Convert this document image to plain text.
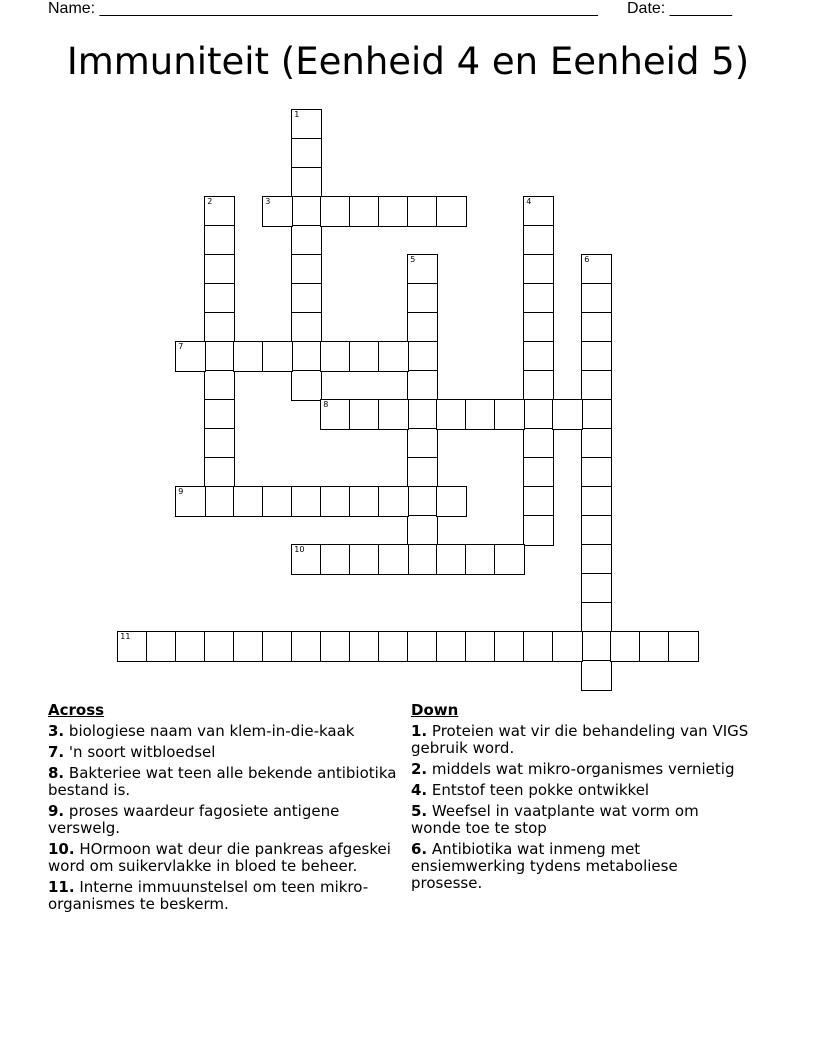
Name: ________________________________________________________ Date: _______
Immuniteit (Eenheid 4 en Eenheid 5)
1
2	3	4
5	6
7
8
9
10
11
Across
3. biologiese naam van klem-in-die-kaak
7. 'n soort witbloedsel
8. Bakteriee wat teen alle bekende antibiotika bestand is.
9. proses waardeur fagosiete antigene verswelg.
10. HOrmoon wat deur die pankreas afgeskei word om suikervlakke in bloed te beheer.
11. Interne immuunstelsel om teen mikro-organismes te beskerm.
Down
1. Proteien wat vir die behandeling van VIGS gebruik word.
2. middels wat mikro-organismes vernietig
4. Entstof teen pokke ontwikkel
5. Weefsel in vaatplante wat vorm om wonde toe te stop
6. Antibiotika wat inmeng met ensiemwerking tydens metaboliese prosesse.
